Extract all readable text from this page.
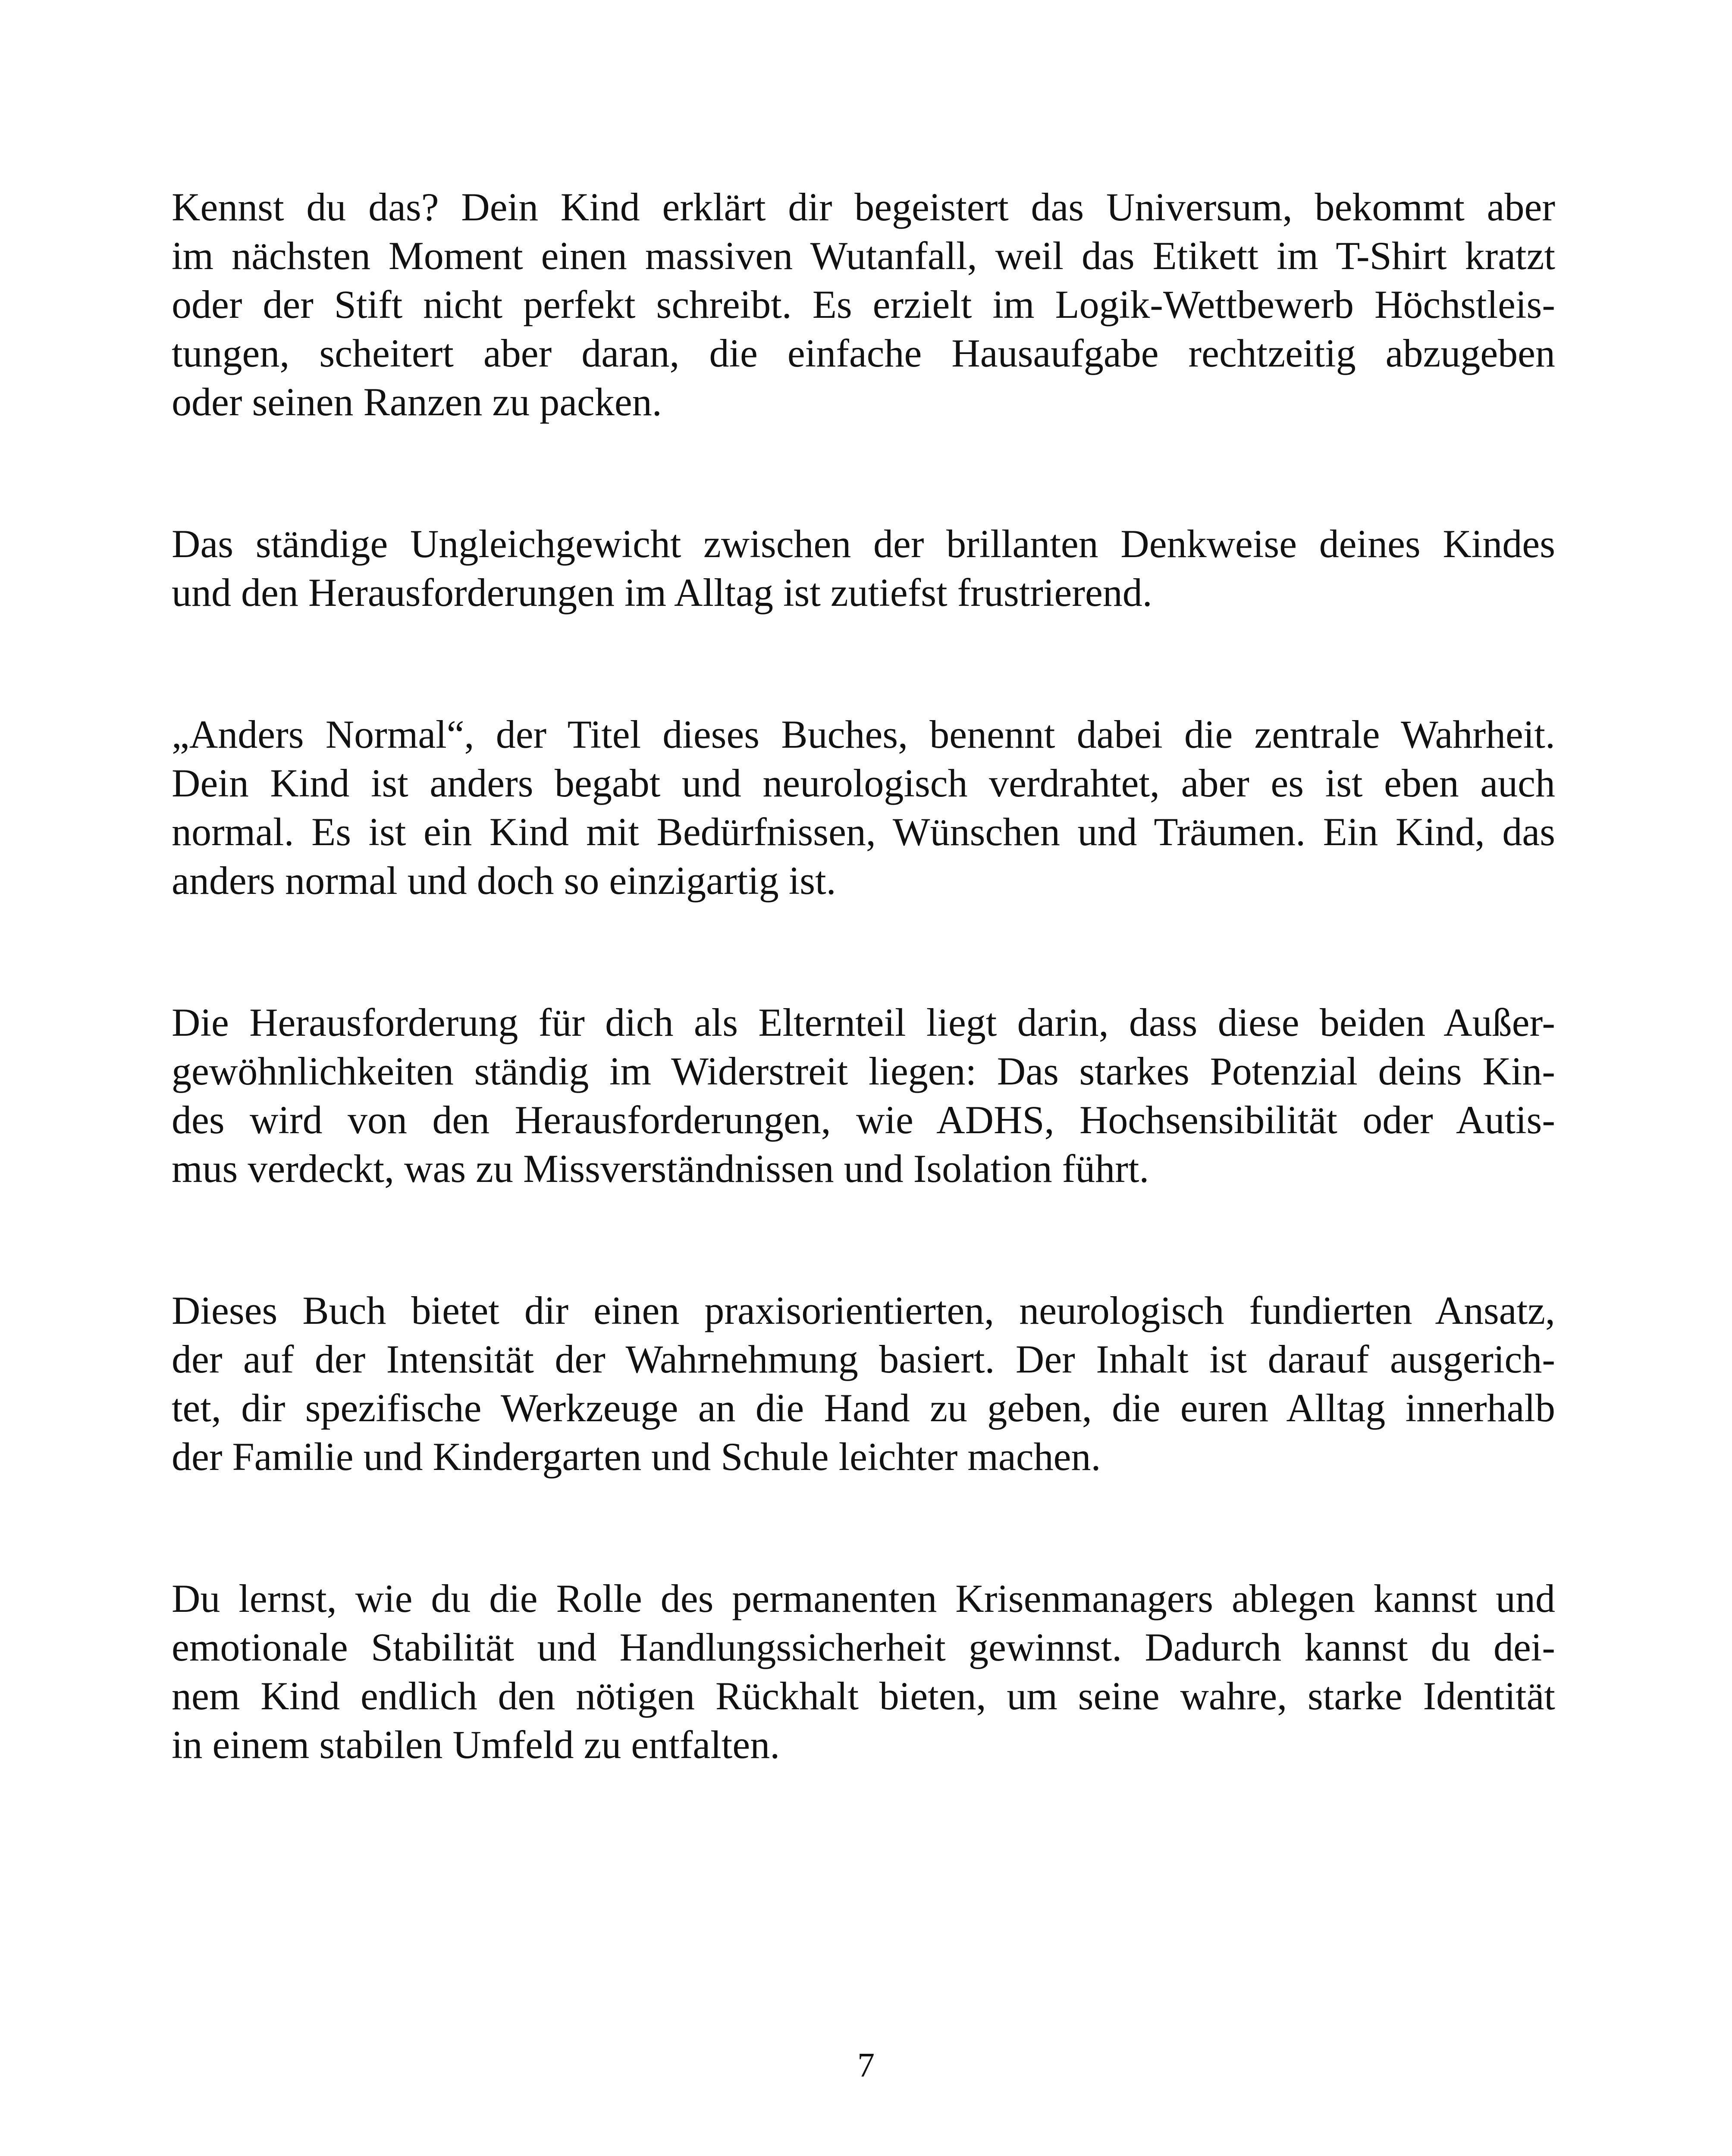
Kennst du das? Dein Kind erklärt dir begeistert das Universum, bekommt aber
im nächsten Moment einen massiven Wutanfall, weil das Etikett im T-Shirt kratzt
oder der Stift nicht perfekt schreibt. Es erzielt im Logik-Wettbewerb Höchstleis-
tungen, scheitert aber daran, die einfache Hausaufgabe rechtzeitig abzugeben
oder seinen Ranzen zu packen.

Das ständige Ungleichgewicht zwischen der brillanten Denkweise deines Kindes
und den Herausforderungen im Alltag ist zutiefst frustrierend.

„Anders Normal“, der Titel dieses Buches, benennt dabei die zentrale Wahrheit.
Dein Kind ist anders begabt und neurologisch verdrahtet, aber es ist eben auch
normal. Es ist ein Kind mit Bedürfnissen, Wünschen und Träumen. Ein Kind, das
anders normal und doch so einzigartig ist.

Die Herausforderung für dich als Elternteil liegt darin, dass diese beiden Außer-
gewöhnlichkeiten ständig im Widerstreit liegen: Das starkes Potenzial deins Kin-
des wird von den Herausforderungen, wie ADHS, Hochsensibilität oder Autis-
mus verdeckt, was zu Missverständnissen und Isolation führt.

Dieses Buch bietet dir einen praxisorientierten, neurologisch fundierten Ansatz,
der auf der Intensität der Wahrnehmung basiert. Der Inhalt ist darauf ausgerich-
tet, dir spezifische Werkzeuge an die Hand zu geben, die euren Alltag innerhalb
der Familie und Kindergarten und Schule leichter machen.

Du lernst, wie du die Rolle des permanenten Krisenmanagers ablegen kannst und
emotionale Stabilität und Handlungssicherheit gewinnst. Dadurch kannst du dei-
nem Kind endlich den nötigen Rückhalt bieten, um seine wahre, starke Identität
in einem stabilen Umfeld zu entfalten.

7
